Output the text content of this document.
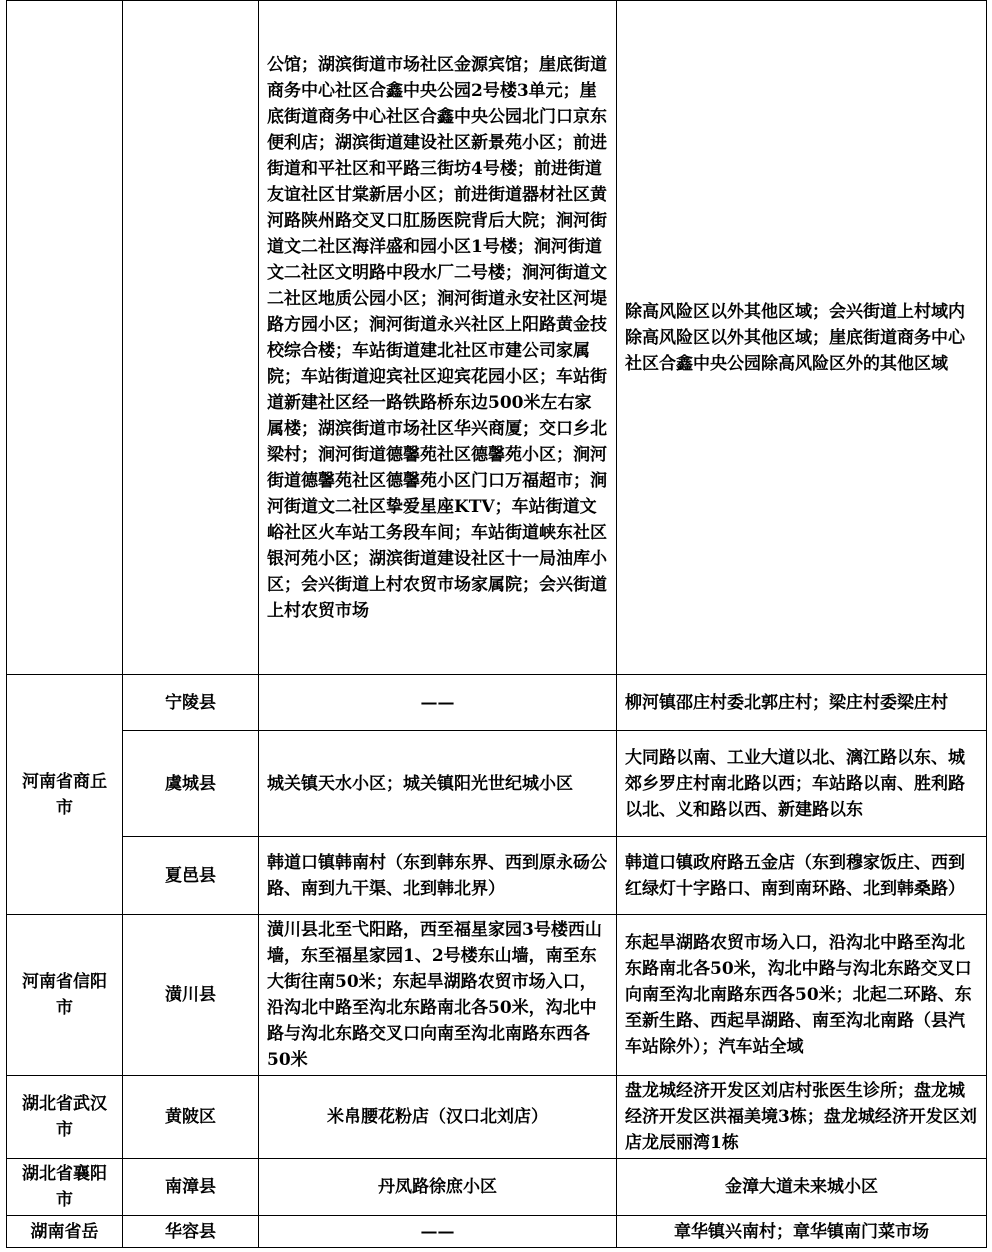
		公馆；湖滨街道市场社区金源宾馆；崖底街道商务中心社区合鑫中央公园2号楼3单元；崖底街道商务中心社区合鑫中央公园北门口京东便利店；湖滨街道建设社区新景苑小区；前进街道和平社区和平路三街坊4号楼；前进街道友谊社区甘棠新居小区；前进街道器材社区黄河路陕州路交叉口肛肠医院背后大院；涧河街道文二社区海洋盛和园小区1号楼；涧河街道文二社区文明路中段水厂二号楼；涧河街道文二社区地质公园小区；涧河街道永安社区河堤路方园小区；涧河街道永兴社区上阳路黄金技校综合楼；车站街道建北社区市建公司家属院；车站街道迎宾社区迎宾花园小区；车站街道新建社区经一路铁路桥东边500米左右家属楼；湖滨街道市场社区华兴商厦；交口乡北梁村；涧河街道德馨苑社区德馨苑小区；涧河街道德馨苑社区德馨苑小区门口万福超市；涧河街道文二社区挚爱星座KTV；车站街道文峪社区火车站工务段车间；车站街道峡东社区银河苑小区；湖滨街道建设社区十一局油库小区；会兴街道上村农贸市场家属院；会兴街道上村农贸市场	除高风险区以外其他区域；会兴街道上村域内除高风险区以外其他区域；崖底街道商务中心社区合鑫中央公园除高风险区外的其他区域
河南省商丘市	宁陵县	——	柳河镇邵庄村委北郭庄村；梁庄村委梁庄村
	虞城县	城关镇天水小区；城关镇阳光世纪城小区	大同路以南、工业大道以北、漓江路以东、城郊乡罗庄村南北路以西；车站路以南、胜利路以北、义和路以西、新建路以东
	夏邑县	韩道口镇韩南村（东到韩东界、西到原永砀公路、南到九干渠、北到韩北界）	韩道口镇政府路五金店（东到穆家饭庄、西到红绿灯十字路口、南到南环路、北到韩桑路）
河南省信阳市	潢川县	潢川县北至弋阳路，西至福星家园3号楼西山墙，东至福星家园1、2号楼东山墙，南至东大街往南50米；东起旱湖路农贸市场入口，沿沟北中路至沟北东路南北各50米，沟北中路与沟北东路交叉口向南至沟北南路东西各50米	东起旱湖路农贸市场入口，沿沟北中路至沟北东路南北各50米，沟北中路与沟北东路交叉口向南至沟北南路东西各50米；北起二环路、东至新生路、西起旱湖路、南至沟北南路（县汽车站除外）；汽车站全域
湖北省武汉市	黄陂区	米帛腰花粉店（汉口北刘店）	盘龙城经济开发区刘店村张医生诊所；盘龙城经济开发区洪福美境3栋；盘龙城经济开发区刘店龙辰丽湾1栋
湖北省襄阳市	南漳县	丹凤路徐庶小区	金漳大道未来城小区
湖南省岳	华容县	——	章华镇兴南村；章华镇南门菜市场
